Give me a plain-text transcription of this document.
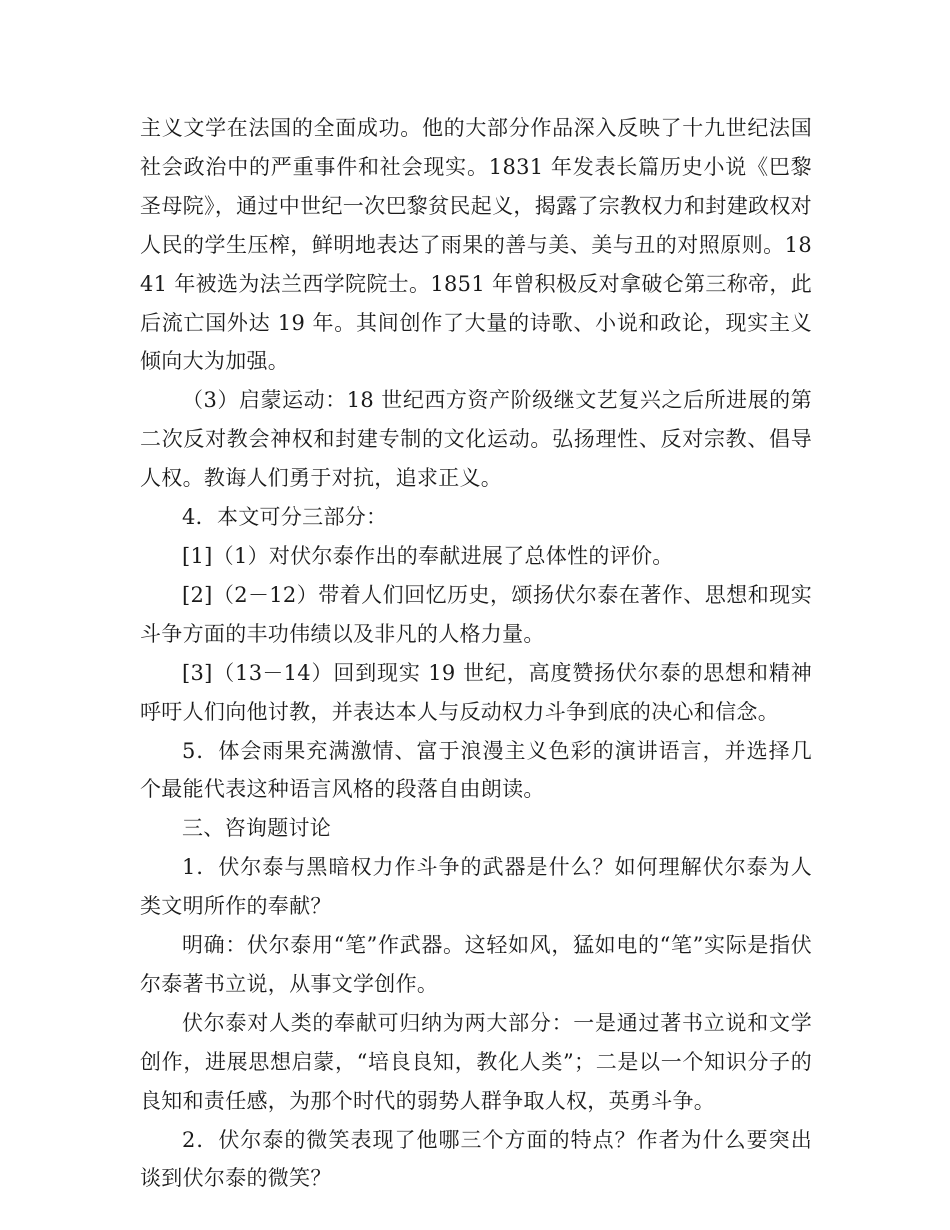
主义文学在法国的全面成功。他的大部分作品深入反映了十九世纪法国社会政治中的严重事件和社会现实。1831 年发表长篇历史小说《巴黎圣母院》，通过中世纪一次巴黎贫民起义，揭露了宗教权力和封建政权对人民的学生压榨，鲜明地表达了雨果的善与美、美与丑的对照原则。1841 年被选为法兰西学院院士。1851 年曾积极反对拿破仑第三称帝，此后流亡国外达 19 年。其间创作了大量的诗歌、小说和政论，现实主义倾向大为加强。

（3）启蒙运动：18 世纪西方资产阶级继文艺复兴之后所进展的第二次反对教会神权和封建专制的文化运动。弘扬理性、反对宗教、倡导人权。教诲人们勇于对抗，追求正义。

4．本文可分三部分：

[1]（1）对伏尔泰作出的奉献进展了总体性的评价。

[2]（2－12）带着人们回忆历史，颂扬伏尔泰在著作、思想和现实斗争方面的丰功伟绩以及非凡的人格力量。

[3]（13－14）回到现实 19 世纪，高度赞扬伏尔泰的思想和精神呼吁人们向他讨教，并表达本人与反动权力斗争到底的决心和信念。

5．体会雨果充满激情、富于浪漫主义色彩的演讲语言，并选择几个最能代表这种语言风格的段落自由朗读。

三、咨询题讨论

1．伏尔泰与黑暗权力作斗争的武器是什么？如何理解伏尔泰为人类文明所作的奉献？

明确：伏尔泰用“笔”作武器。这轻如风，猛如电的“笔”实际是指伏尔泰著书立说，从事文学创作。

伏尔泰对人类的奉献可归纳为两大部分：一是通过著书立说和文学创作，进展思想启蒙，“培良良知，教化人类”；二是以一个知识分子的良知和责任感，为那个时代的弱势人群争取人权，英勇斗争。

2．伏尔泰的微笑表现了他哪三个方面的特点？作者为什么要突出谈到伏尔泰的微笑？
